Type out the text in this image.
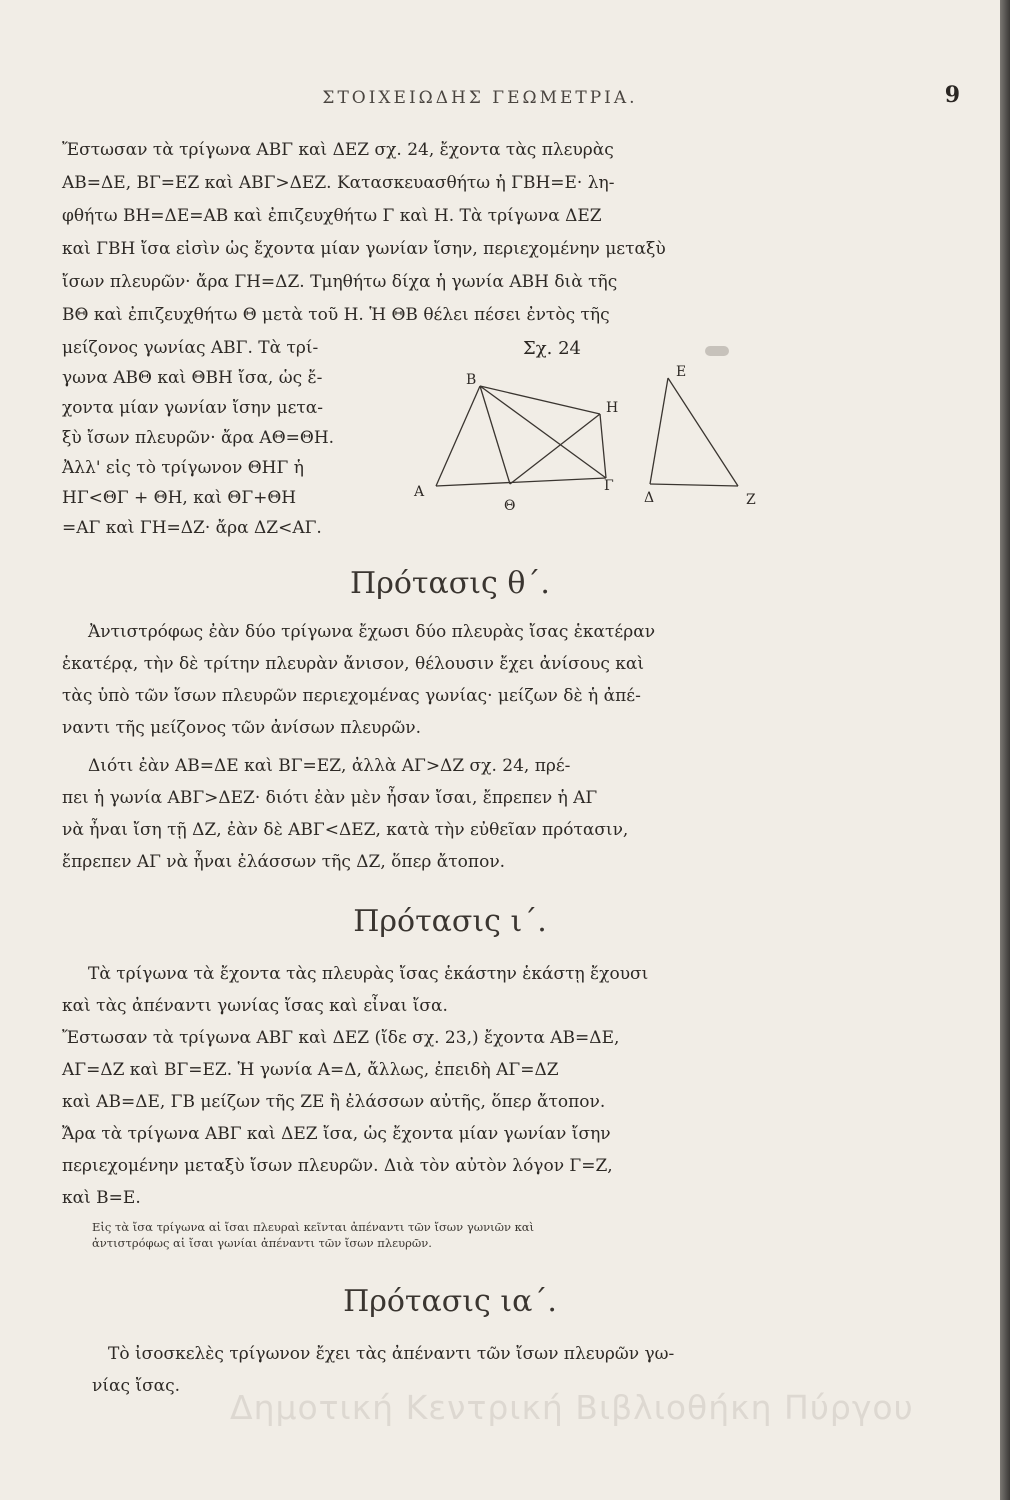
ΣΤΟΙΧΕΙΩΔΗΣ ΓΕΩΜΕΤΡΙΑ.	9
Ἔστωσαν τὰ τρίγωνα ΑΒΓ καὶ ΔΕΖ σχ. 24, ἔχοντα τὰς πλευρὰς
ΑΒ=ΔΕ, ΒΓ=ΕΖ καὶ ΑΒΓ>ΔΕΖ. Κατασκευασθήτω ἡ ΓΒΗ=Ε· λη-
φθήτω ΒΗ=ΔΕ=ΑΒ καὶ ἐπιζευχθήτω Γ καὶ Η. Τὰ τρίγωνα ΔΕΖ
καὶ ΓΒΗ ἴσα εἰσὶν ὡς ἔχοντα μίαν γωνίαν ἴσην, περιεχομένην μεταξὺ
ἴσων πλευρῶν· ἄρα ΓΗ=ΔΖ. Τμηθήτω δίχα ἡ γωνία ΑΒΗ διὰ τῆς
ΒΘ καὶ ἐπιζευχθήτω Θ μετὰ τοῦ Η. Ἡ ΘΒ θέλει πέσει ἐντὸς τῆς
μείζονος γωνίας ΑΒΓ. Τὰ τρί-
γωνα ΑΒΘ καὶ ΘΒΗ ἴσα, ὡς ἔ-
χοντα μίαν γωνίαν ἴσην μετα-
ξὺ ἴσων πλευρῶν· ἄρα ΑΘ=ΘΗ.
Ἀλλ' εἰς τὸ τρίγωνον ΘΗΓ ἡ
ΗΓ<ΘΓ + ΘΗ, καὶ ΘΓ+ΘΗ
=ΑΓ καὶ ΓΗ=ΔΖ· ἄρα ΔΖ<ΑΓ.
Σχ. 24
Α
Β
Γ
Θ
Η
Δ
Ε
Ζ
Πρότασις θ΄.
Ἀντιστρόφως ἐὰν δύο τρίγωνα ἔχωσι δύο πλευρὰς ἴσας ἑκατέραν
ἑκατέρᾳ, τὴν δὲ τρίτην πλευρὰν ἄνισον, θέλουσιν ἔχει ἀνίσους καὶ
τὰς ὑπὸ τῶν ἴσων πλευρῶν περιεχομένας γωνίας· μείζων δὲ ἡ ἀπέ-
ναντι τῆς μείζονος τῶν ἀνίσων πλευρῶν.
Διότι ἐὰν ΑΒ=ΔΕ καὶ ΒΓ=ΕΖ, ἀλλὰ ΑΓ>ΔΖ σχ. 24, πρέ-
πει ἡ γωνία ΑΒΓ>ΔΕΖ· διότι ἐὰν μὲν ἦσαν ἴσαι, ἔπρεπεν ἡ ΑΓ
νὰ ἦναι ἴση τῇ ΔΖ, ἐὰν δὲ ΑΒΓ<ΔΕΖ, κατὰ τὴν εὐθεῖαν πρότασιν,
ἔπρεπεν ΑΓ νὰ ἦναι ἐλάσσων τῆς ΔΖ, ὅπερ ἄτοπον.
Πρότασις ι΄.
Τὰ τρίγωνα τὰ ἔχοντα τὰς πλευρὰς ἴσας ἑκάστην ἑκάστῃ ἔχουσι
καὶ τὰς ἀπέναντι γωνίας ἴσας καὶ εἶναι ἴσα.
Ἔστωσαν τὰ τρίγωνα ΑΒΓ καὶ ΔΕΖ (ἴδε σχ. 23,) ἔχοντα ΑΒ=ΔΕ,
ΑΓ=ΔΖ καὶ ΒΓ=ΕΖ. Ἡ γωνία Α=Δ, ἄλλως, ἐπειδὴ ΑΓ=ΔΖ
καὶ ΑΒ=ΔΕ, ΓΒ μείζων τῆς ΖΕ ἢ ἐλάσσων αὐτῆς, ὅπερ ἄτοπον.
Ἄρα τὰ τρίγωνα ΑΒΓ καὶ ΔΕΖ ἴσα, ὡς ἔχοντα μίαν γωνίαν ἴσην
περιεχομένην μεταξὺ ἴσων πλευρῶν. Διὰ τὸν αὐτὸν λόγον Γ=Ζ,
καὶ Β=Ε.
Εἰς τὰ ἴσα τρίγωνα αἱ ἴσαι πλευραὶ κεῖνται ἀπέναντι τῶν ἴσων γωνιῶν καὶ
ἀντιστρόφως αἱ ἴσαι γωνίαι ἀπέναντι τῶν ἴσων πλευρῶν.
Πρότασις ια΄.
Τὸ ἰσοσκελὲς τρίγωνον ἔχει τὰς ἀπέναντι τῶν ἴσων πλευρῶν γω-
νίας ἴσας.
Δημοτική Κεντρική Βιβλιοθήκη Πύργου
